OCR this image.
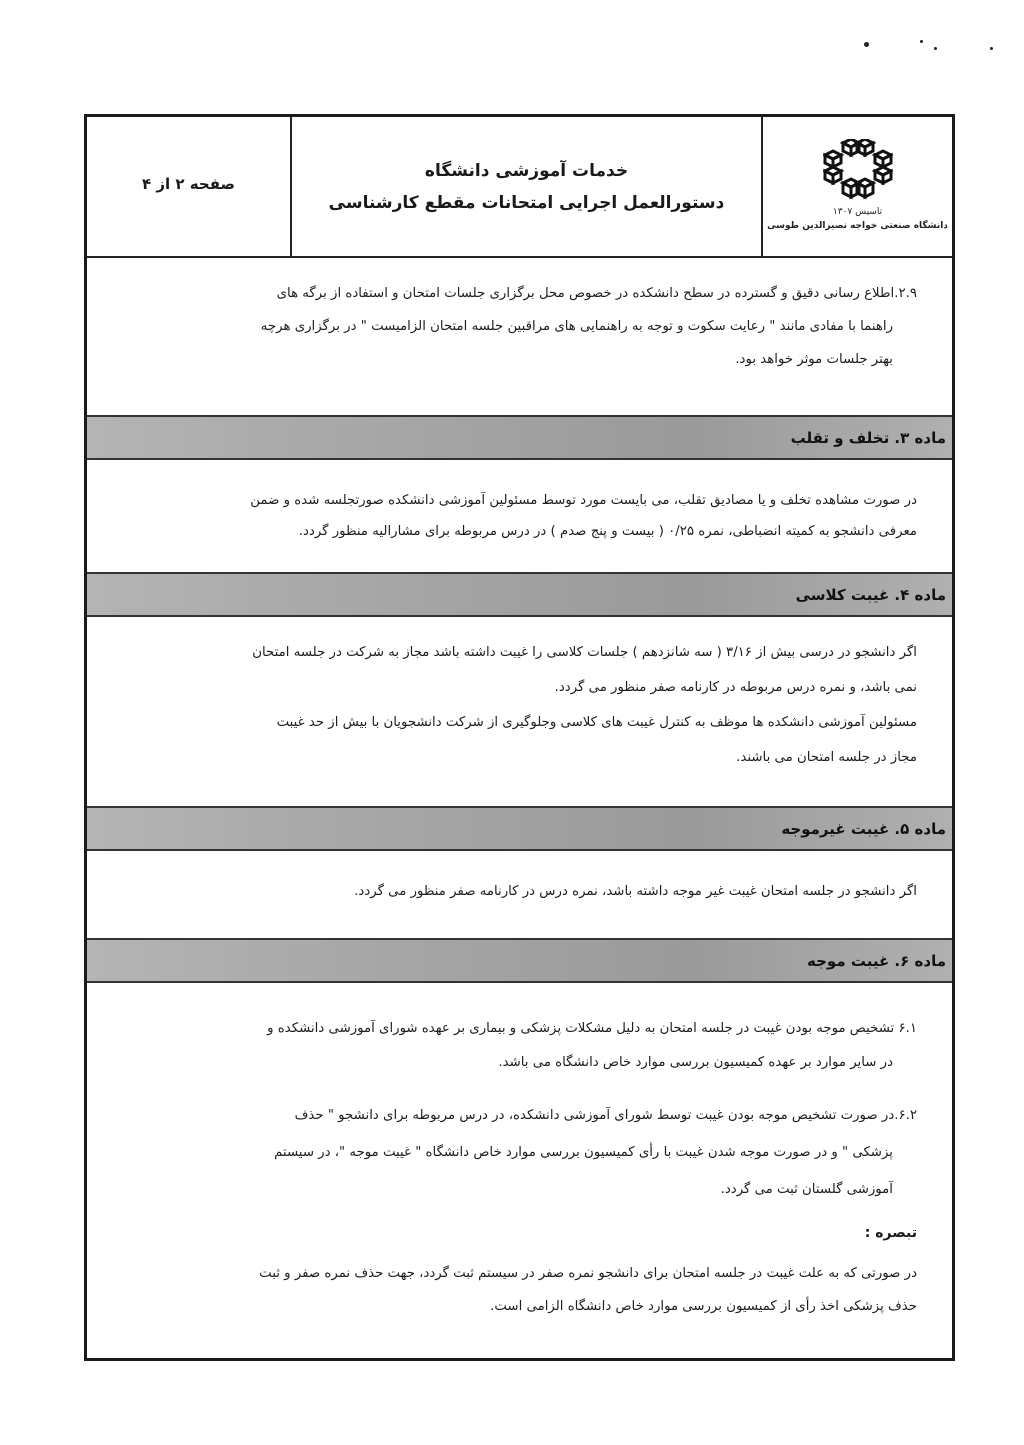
تاسیس ۱۳۰۷
دانشگاه صنعتی خواجه نصیرالدین طوسی
خدمات آموزشی دانشگاه
دستورالعمل اجرایی امتحانات مقطع کارشناسی
صفحه ۲ از ۴

۲.۹.اطلاع رسانی دقیق و گسترده در سطح دانشکده در خصوص محل برگزاری جلسات امتحان و استفاده از برگه های

راهنما با مفادی مانند " رعایت سکوت و توجه به راهنمایی های مراقبین جلسه امتحان الزامیست " در برگزاری هرچه

بهتر جلسات موثر خواهد بود.

ماده ۳. تخلف و تقلب

در صورت مشاهده تخلف و یا مصادیق تقلب، می بایست مورد توسط مسئولین آموزشی دانشکده صورتجلسه شده و ضمن

معرفی دانشجو به کمیته انضباطی، نمره ۰/۲۵ ( بیست و پنج صدم ) در درس مربوطه برای مشارالیه منظور گردد.

ماده ۴. غیبت کلاسی

اگر دانشجو در درسی بیش از ۳/۱۶ ( سه شانزدهم ) جلسات کلاسی را غیبت داشته باشد مجاز به شرکت در جلسه امتحان

نمی باشد، و نمره درس مربوطه در کارنامه صفر منظور می گردد.

مسئولین آموزشی دانشکده ها موظف به کنترل غیبت های کلاسی وجلوگیری از شرکت دانشجویان با بیش از حد غیبت

مجاز در جلسه امتحان می باشند.

ماده ۵. غیبت غیرموجه

اگر دانشجو در جلسه امتحان غیبت غیر موجه داشته باشد، نمره درس در کارنامه صفر منظور می گردد.

ماده ۶. غیبت موجه

۶.۱ تشخیص موجه بودن غیبت در جلسه امتحان به دلیل مشکلات پزشکی و بیماری بر عهده شورای آموزشی دانشکده و

در سایر موارد بر عهده کمیسیون بررسی موارد خاص دانشگاه می باشد.

۶.۲.در صورت تشخیص موجه بودن غیبت توسط شورای آموزشی دانشکده، در درس مربوطه برای دانشجو " حذف

پزشکی " و در صورت موجه شدن غیبت با رأی کمیسیون بررسی موارد خاص دانشگاه " غیبت موجه "، در سیستم

آموزشی گلستان ثبت می گردد.

تبصره :

در صورتی که به علت غیبت در جلسه امتحان برای دانشجو نمره صفر در سیستم ثبت گردد، جهت حذف نمره صفر و ثبت

حذف پزشکی اخذ رأی از کمیسیون بررسی موارد خاص دانشگاه الزامی است.
